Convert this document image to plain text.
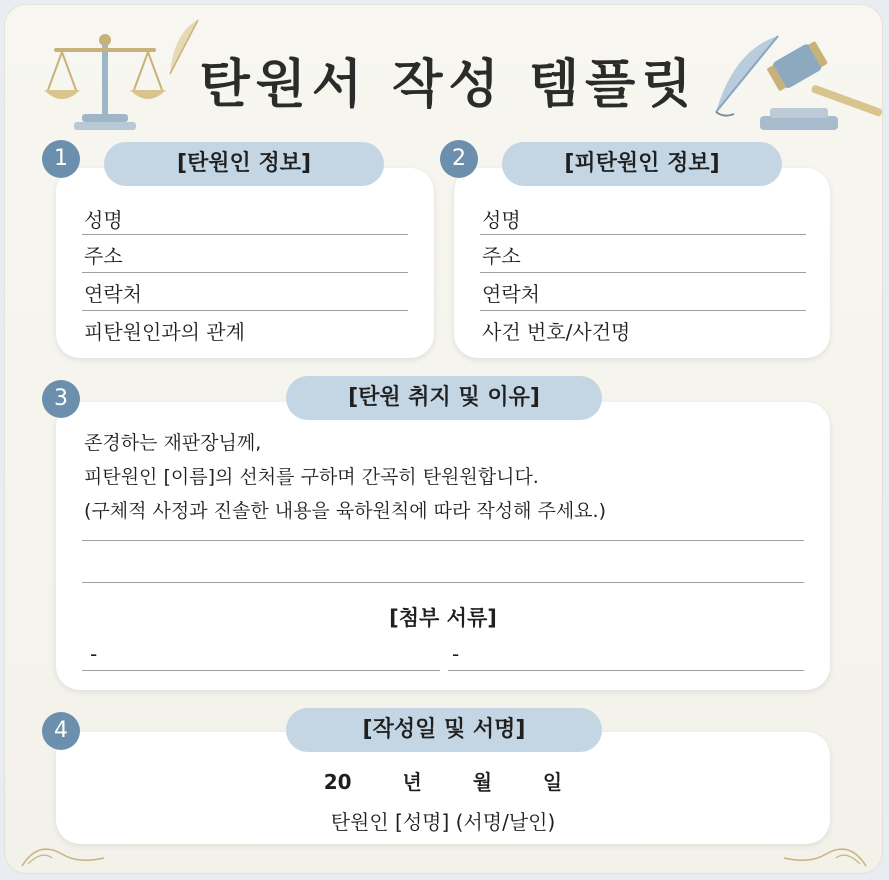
탄원서 작성 템플릿
성명
주소
연락처
피탄원인과의 관계
[탄원인 정보]
1
성명
주소
연락처
사건 번호/사건명
[피탄원인 정보]
2
존경하는 재판장님께,
피탄원인 [이름]의 선처를 구하며 간곡히 탄원원합니다.
(구체적 사정과 진솔한 내용을 육하원칙에 따라 작성해 주세요.)
[첨부 서류]
-	-
[탄원 취지 및 이유]
3
20   년   월   일
탄원인 [성명] (서명/날인)
[작성일 및 서명]
4
